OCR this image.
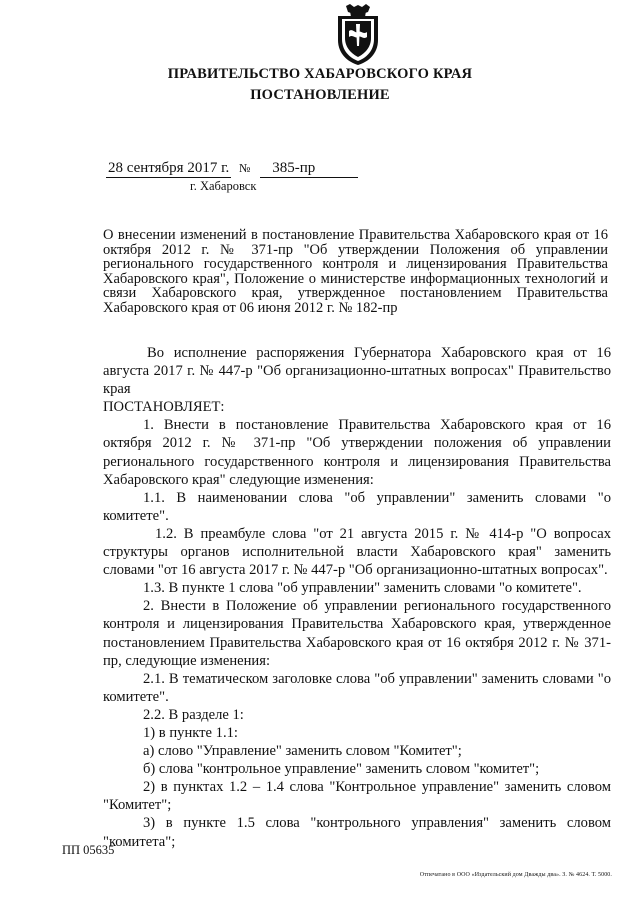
ПРАВИТЕЛЬСТВО ХАБАРОВСКОГО КРАЯ
ПОСТАНОВЛЕНИЕ
28 сентября 2017 г. № 385-пр
г. Хабаровск
О внесении изменений в постановление Правительства Хабаровского края от 16 октября 2012 г. № 371-пр "Об утверждении Положения об управлении регионального государственного контроля и лицензирования Правительства Хабаровского края", Положение о министерстве информационных технологий и связи Хабаровского края, утвержденное постановлением Правительства Хабаровского края от 06 июня 2012 г. № 182-пр

Во исполнение распоряжения Губернатора Хабаровского края от 16 августа 2017 г. № 447-р "Об организационно-штатных вопросах" Правительство края

ПОСТАНОВЛЯЕТ:

1. Внести в постановление Правительства Хабаровского края от 16 октября 2012 г. № 371-пр "Об утверждении положения об управлении регионального государственного контроля и лицензирования Правительства Хабаровского края" следующие изменения:

1.1. В наименовании слова "об управлении" заменить словами "о комитете".

1.2. В преамбуле слова "от 21 августа 2015 г. № 414-р "О вопросах структуры органов исполнительной власти Хабаровского края" заменить словами "от 16 августа 2017 г. № 447-р "Об организационно-штатных вопросах".

1.3. В пункте 1 слова "об управлении" заменить словами "о комитете".

2. Внести в Положение об управлении регионального государственного контроля и лицензирования Правительства Хабаровского края, утвержденное постановлением Правительства Хабаровского края от 16 октября 2012 г. № 371-пр, следующие изменения:

2.1. В тематическом заголовке слова "об управлении" заменить словами "о комитете".

2.2. В разделе 1:

1) в пункте 1.1:

а) слово "Управление" заменить словом "Комитет";

б) слова "контрольное управление" заменить словом "комитет";

2) в пунктах 1.2 – 1.4 слова "Контрольное управление" заменить словом "Комитет";

3) в пункте 1.5 слова "контрольного управления" заменить словом "комитета";

ПП 05635
Отпечатано в ООО «Издательский дом Дважды два». З. № 4624. Т. 5000.
